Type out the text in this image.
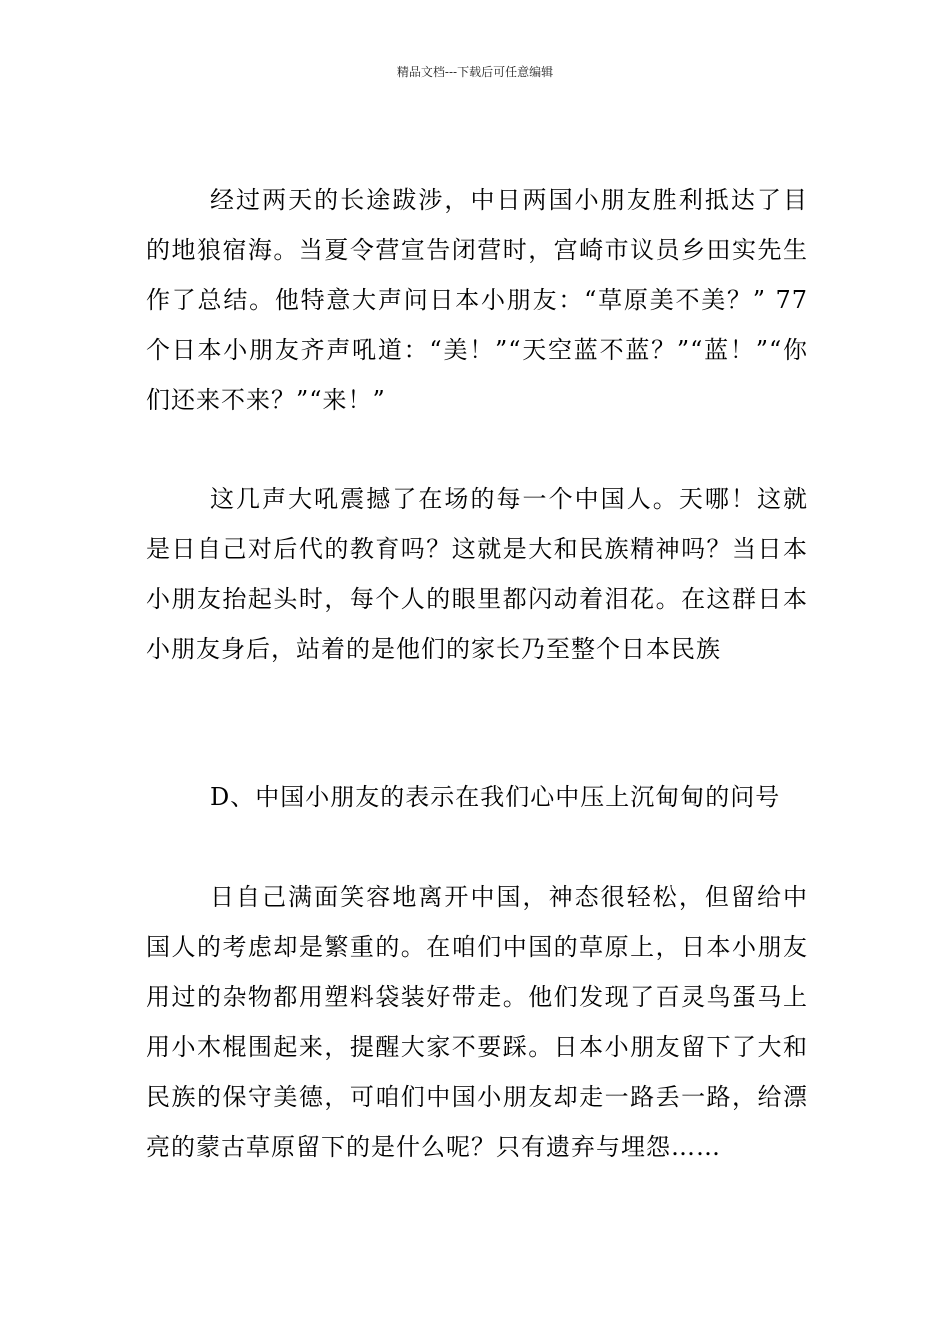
精品文档---下载后可任意编辑

经过两天的长途跋涉，中日两国小朋友胜利抵达了目的地狼宿海。当夏令营宣告闭营时，宫崎市议员乡田实先生作了总结。他特意大声问日本小朋友：“草原美不美？” 77个日本小朋友齐声吼道：“美！”“天空蓝不蓝？”“蓝！”“你们还来不来？”“来！”

这几声大吼震撼了在场的每一个中国人。天哪！这就是日自己对后代的教育吗？这就是大和民族精神吗？当日本小朋友抬起头时，每个人的眼里都闪动着泪花。在这群日本小朋友身后，站着的是他们的家长乃至整个日本民族

D、中国小朋友的表示在我们心中压上沉甸甸的问号

日自己满面笑容地离开中国，神态很轻松，但留给中国人的考虑却是繁重的。在咱们中国的草原上，日本小朋友用过的杂物都用塑料袋装好带走。他们发现了百灵鸟蛋马上用小木棍围起来，提醒大家不要踩。日本小朋友留下了大和民族的保守美德，可咱们中国小朋友却走一路丢一路，给漂亮的蒙古草原留下的是什么呢？只有遗弃与埋怨……
